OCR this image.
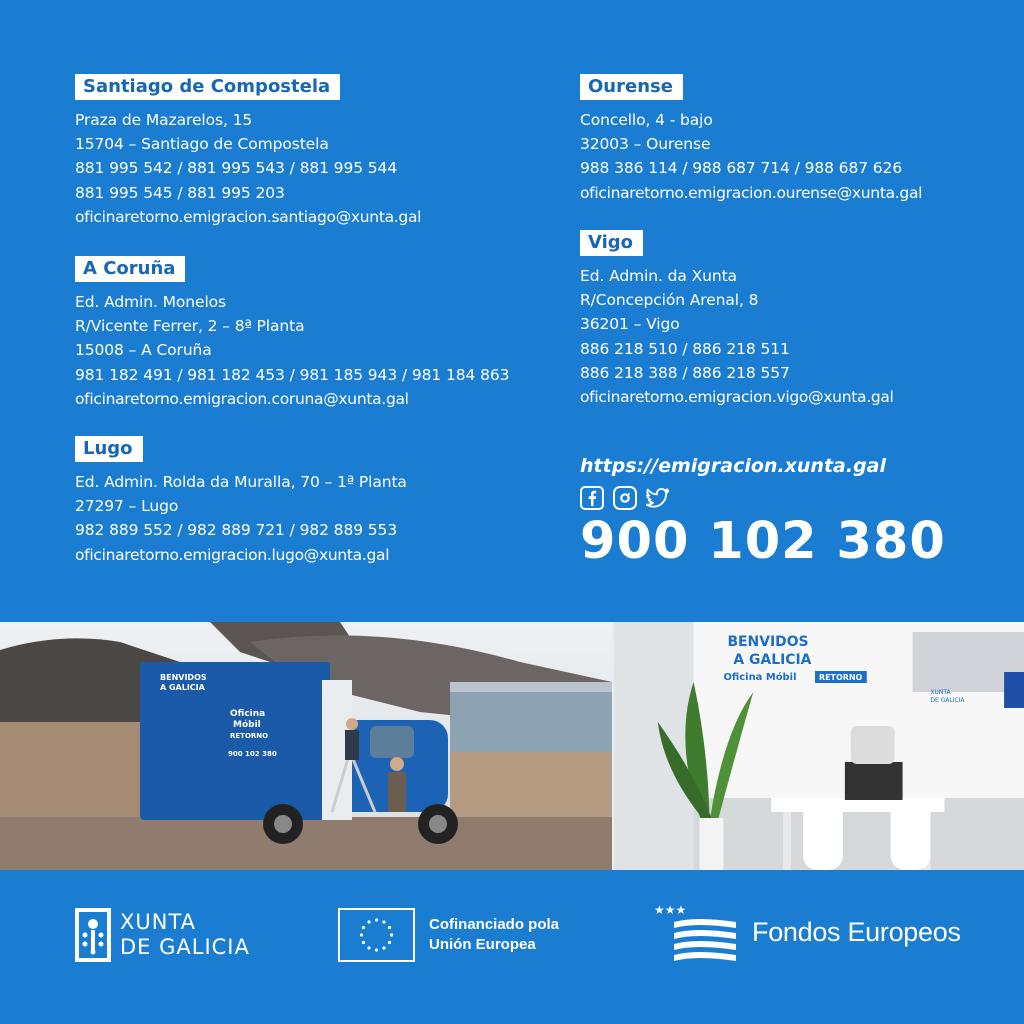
Santiago de Compostela
Praza de Mazarelos, 15
15704 – Santiago de Compostela
881 995 542 / 881 995 543 / 881 995 544
881 995 545 / 881 995 203
oficinaretorno.emigracion.santiago@xunta.gal
A Coruña
Ed. Admin. Monelos
R/Vicente Ferrer, 2 – 8ª Planta
15008 – A Coruña
981 182 491 / 981 182 453 / 981 185 943 / 981 184 863
oficinaretorno.emigracion.coruna@xunta.gal
Lugo
Ed. Admin. Rolda da Muralla, 70 – 1ª Planta
27297 – Lugo
982 889 552 / 982 889 721 / 982 889 553
oficinaretorno.emigracion.lugo@xunta.gal
Ourense
Concello, 4 - bajo
32003 – Ourense
988 386 114 / 988 687 714 / 988 687 626
oficinaretorno.emigracion.ourense@xunta.gal
Vigo
Ed. Admin. da Xunta
R/Concepción Arenal, 8
36201 – Vigo
886 218 510 / 886 218 511
886 218 388 / 886 218 557
oficinaretorno.emigracion.vigo@xunta.gal
https://emigracion.xunta.gal
900 102 380
BENVIDOS
A GALICIA
Oficina
Móbil
RETORNO
900 102 380
BENVIDOS
A GALICIA
Oficina Móbil	RETORNO
XUNTA
DE GALICIA
XUNTA
DE GALICIA
Cofinanciado pola
Unión Europea
★★★
Fondos Europeos
